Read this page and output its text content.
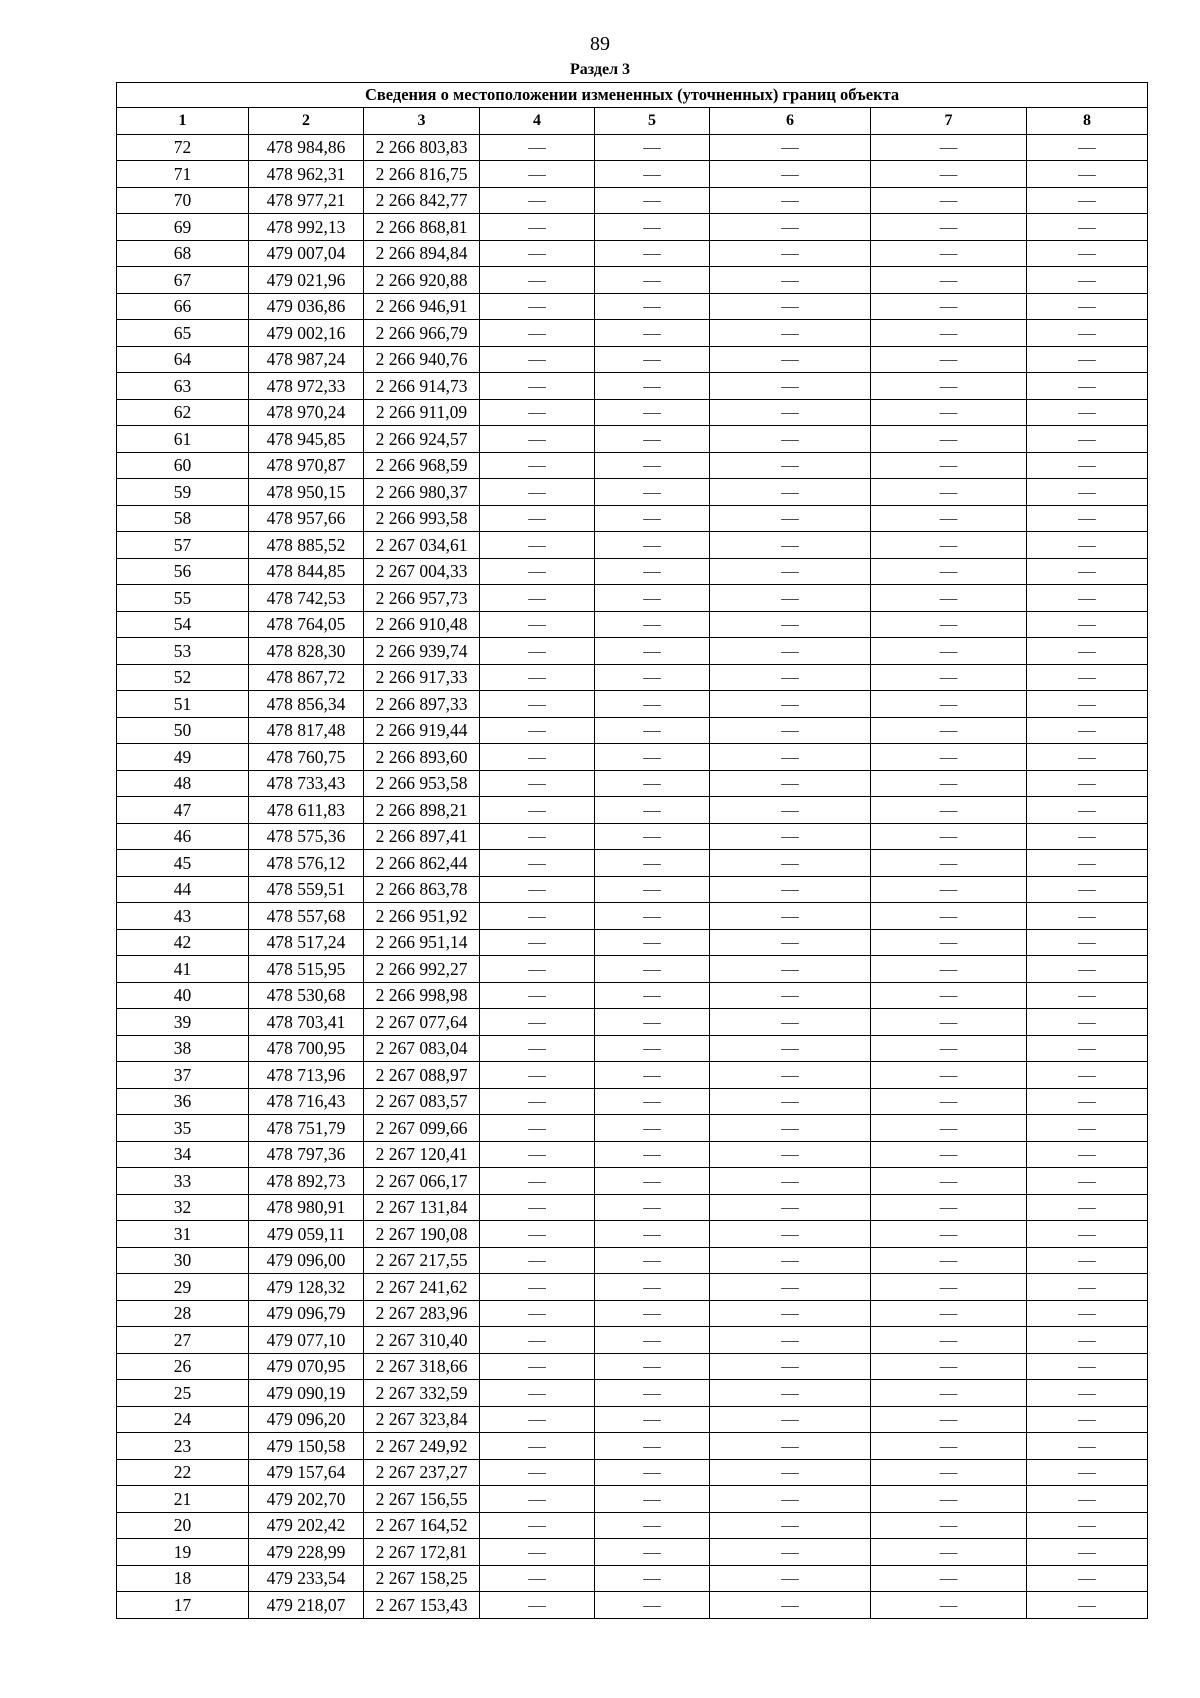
89
Раздел 3
Сведения о местоположении измененных (уточненных) границ объекта							
1	2	3	4	5	6	7	8
72	478 984,86	2 266 803,83	—	—	—	—	—
71	478 962,31	2 266 816,75	—	—	—	—	—
70	478 977,21	2 266 842,77	—	—	—	—	—
69	478 992,13	2 266 868,81	—	—	—	—	—
68	479 007,04	2 266 894,84	—	—	—	—	—
67	479 021,96	2 266 920,88	—	—	—	—	—
66	479 036,86	2 266 946,91	—	—	—	—	—
65	479 002,16	2 266 966,79	—	—	—	—	—
64	478 987,24	2 266 940,76	—	—	—	—	—
63	478 972,33	2 266 914,73	—	—	—	—	—
62	478 970,24	2 266 911,09	—	—	—	—	—
61	478 945,85	2 266 924,57	—	—	—	—	—
60	478 970,87	2 266 968,59	—	—	—	—	—
59	478 950,15	2 266 980,37	—	—	—	—	—
58	478 957,66	2 266 993,58	—	—	—	—	—
57	478 885,52	2 267 034,61	—	—	—	—	—
56	478 844,85	2 267 004,33	—	—	—	—	—
55	478 742,53	2 266 957,73	—	—	—	—	—
54	478 764,05	2 266 910,48	—	—	—	—	—
53	478 828,30	2 266 939,74	—	—	—	—	—
52	478 867,72	2 266 917,33	—	—	—	—	—
51	478 856,34	2 266 897,33	—	—	—	—	—
50	478 817,48	2 266 919,44	—	—	—	—	—
49	478 760,75	2 266 893,60	—	—	—	—	—
48	478 733,43	2 266 953,58	—	—	—	—	—
47	478 611,83	2 266 898,21	—	—	—	—	—
46	478 575,36	2 266 897,41	—	—	—	—	—
45	478 576,12	2 266 862,44	—	—	—	—	—
44	478 559,51	2 266 863,78	—	—	—	—	—
43	478 557,68	2 266 951,92	—	—	—	—	—
42	478 517,24	2 266 951,14	—	—	—	—	—
41	478 515,95	2 266 992,27	—	—	—	—	—
40	478 530,68	2 266 998,98	—	—	—	—	—
39	478 703,41	2 267 077,64	—	—	—	—	—
38	478 700,95	2 267 083,04	—	—	—	—	—
37	478 713,96	2 267 088,97	—	—	—	—	—
36	478 716,43	2 267 083,57	—	—	—	—	—
35	478 751,79	2 267 099,66	—	—	—	—	—
34	478 797,36	2 267 120,41	—	—	—	—	—
33	478 892,73	2 267 066,17	—	—	—	—	—
32	478 980,91	2 267 131,84	—	—	—	—	—
31	479 059,11	2 267 190,08	—	—	—	—	—
30	479 096,00	2 267 217,55	—	—	—	—	—
29	479 128,32	2 267 241,62	—	—	—	—	—
28	479 096,79	2 267 283,96	—	—	—	—	—
27	479 077,10	2 267 310,40	—	—	—	—	—
26	479 070,95	2 267 318,66	—	—	—	—	—
25	479 090,19	2 267 332,59	—	—	—	—	—
24	479 096,20	2 267 323,84	—	—	—	—	—
23	479 150,58	2 267 249,92	—	—	—	—	—
22	479 157,64	2 267 237,27	—	—	—	—	—
21	479 202,70	2 267 156,55	—	—	—	—	—
20	479 202,42	2 267 164,52	—	—	—	—	—
19	479 228,99	2 267 172,81	—	—	—	—	—
18	479 233,54	2 267 158,25	—	—	—	—	—
17	479 218,07	2 267 153,43	—	—	—	—	—
